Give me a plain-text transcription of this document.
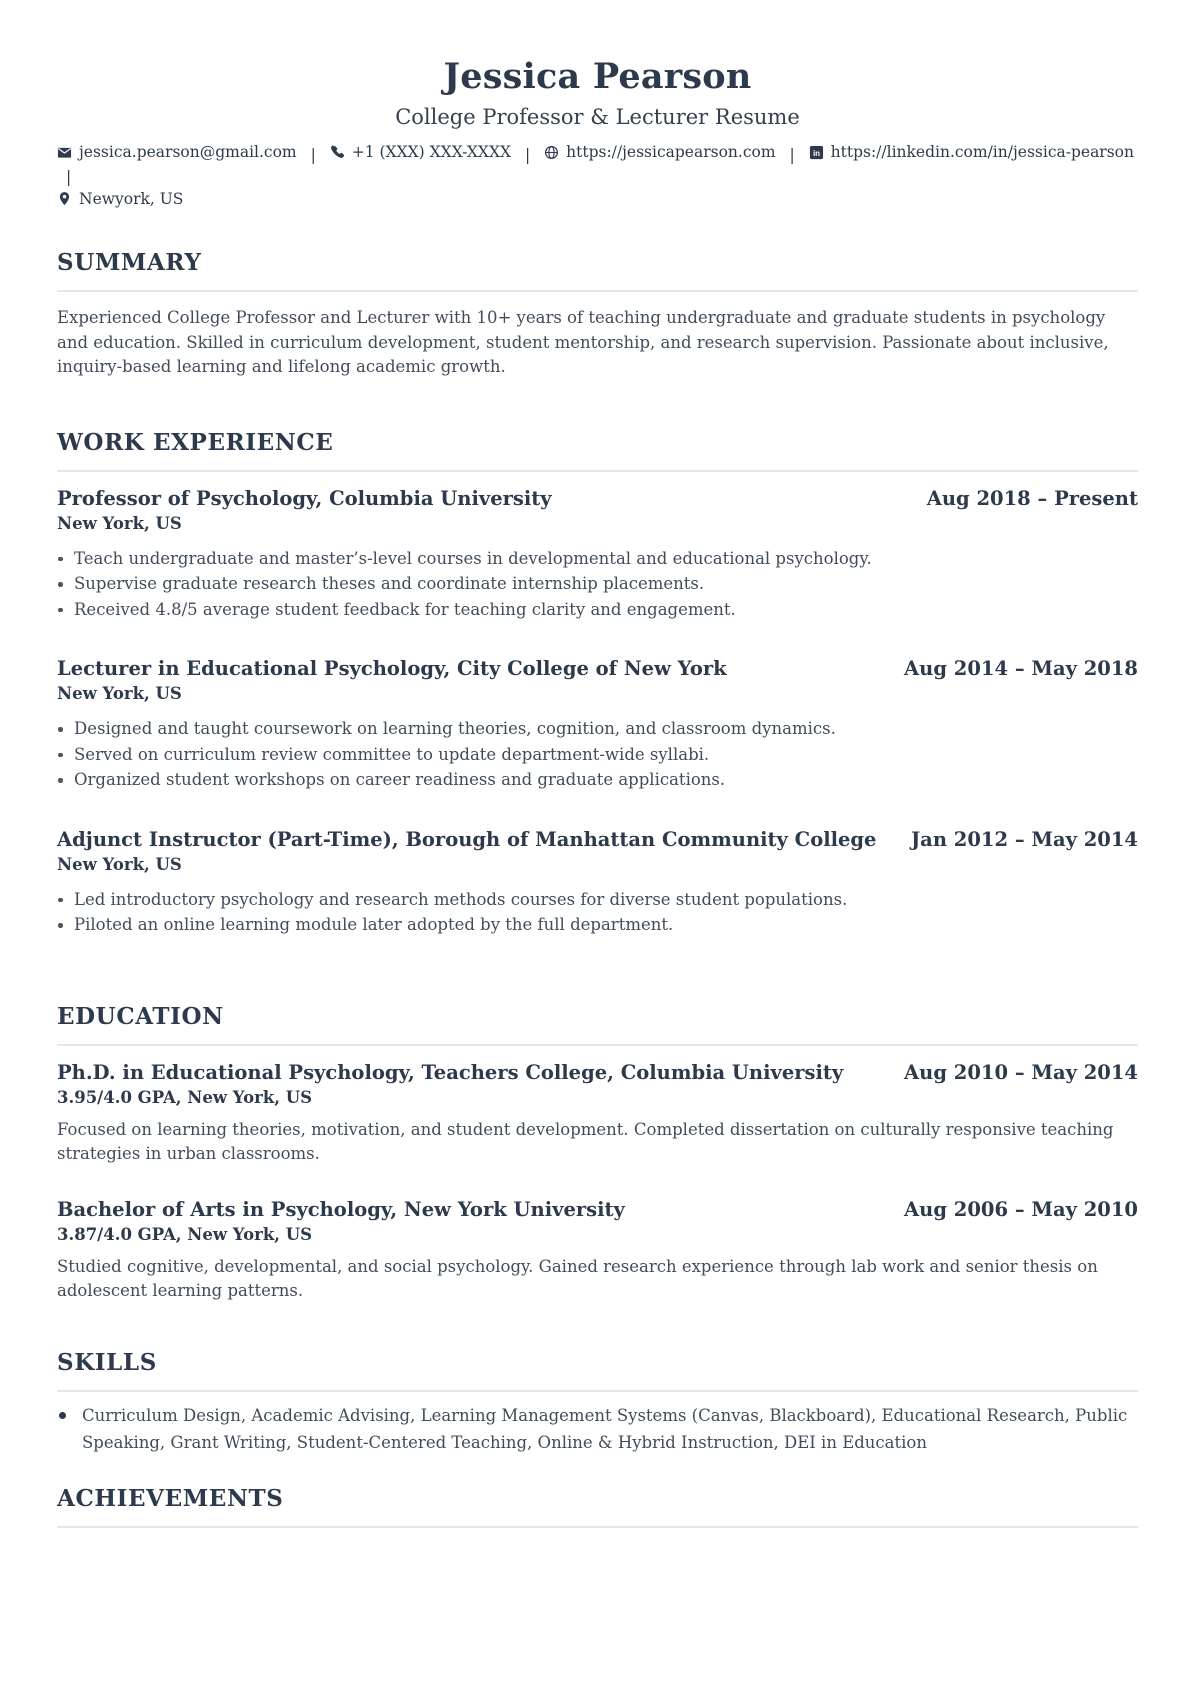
Jessica Pearson
College Professor & Lecturer Resume
jessica.pearson@gmail.com | +1 (XXX) XXX-XXXX | https://jessicapearson.com | in https://linkedin.com/in/jessica-pearson
|
Newyork, US
SUMMARY

Experienced College Professor and Lecturer with 10+ years of teaching undergraduate and graduate students in psychology and education. Skilled in curriculum development, student mentorship, and research supervision. Passionate about inclusive, inquiry-based learning and lifelong academic growth.

WORK EXPERIENCE
Professor of Psychology, Columbia University	Aug 2018 – Present
New York, US
Teach undergraduate and master’s-level courses in developmental and educational psychology.
Supervise graduate research theses and coordinate internship placements.
Received 4.8/5 average student feedback for teaching clarity and engagement.
Lecturer in Educational Psychology, City College of New York	Aug 2014 – May 2018
New York, US
Designed and taught coursework on learning theories, cognition, and classroom dynamics.
Served on curriculum review committee to update department-wide syllabi.
Organized student workshops on career readiness and graduate applications.
Adjunct Instructor (Part-Time), Borough of Manhattan Community College	Jan 2012 – May 2014
New York, US
Led introductory psychology and research methods courses for diverse student populations.
Piloted an online learning module later adopted by the full department.
EDUCATION
Ph.D. in Educational Psychology, Teachers College, Columbia University	Aug 2010 – May 2014
3.95/4.0 GPA, New York, US

Focused on learning theories, motivation, and student development. Completed dissertation on culturally responsive teaching strategies in urban classrooms.

Bachelor of Arts in Psychology, New York University	Aug 2006 – May 2010
3.87/4.0 GPA, New York, US

Studied cognitive, developmental, and social psychology. Gained research experience through lab work and senior thesis on adolescent learning patterns.

SKILLS
Curriculum Design, Academic Advising, Learning Management Systems (Canvas, Blackboard), Educational Research, Public Speaking, Grant Writing, Student-Centered Teaching, Online & Hybrid Instruction, DEI in Education
ACHIEVEMENTS
